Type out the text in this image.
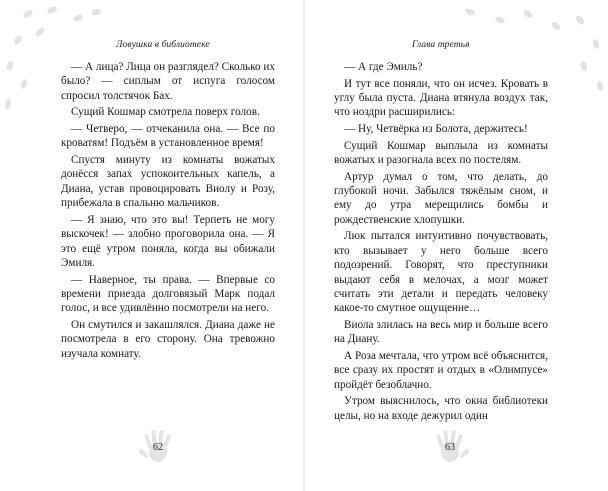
Ловушка в библиотеке

— А лица? Лица он разглядел? Сколько их было? — сиплым от испуга голосом спросил толстячок Бах.

Сущий Кошмар смотрела поверх голов.

— Четверо, — отчеканила она. — Все по кроватям! Подъём в установленное время!

Спустя минуту из комнаты вожатых донёсся запах успокоительных капель, а Диана, устав провоцировать Виолу и Розу, прибежала в спальню мальчиков.

— Я знаю, что это вы! Терпеть не могу выскочек! — злобно проговорила она. — Я это ещё утром поняла, когда вы обижали Эмиля.

— Наверное, ты права. — Впервые со времени приезда долговязый Марк подал голос, и все удивлённо посмотрели на него.

Он смутился и закашлялся. Диана даже не посмотрела в его сторону. Она тревожно изучала комнату.

62
Глава третья

— А где Эмиль?

И тут все поняли, что он исчез. Кровать в углу была пуста. Диана втянула воздух так, что ноздри расширились:

— Ну, Четвёрка из Болота, держитесь!

Сущий Кошмар выплыла из комнаты вожатых и разогнала всех по постелям.

Артур думал о том, что делать, до глубокой ночи. Забылся тяжёлым сном, и ему до утра мерещились бомбы и рождественские хлопушки.

Люк пытался интуитивно почувствовать, кто вызывает у него больше всего подозрений. Говорят, что преступники выдают себя в мелочах, а мозг может считать эти детали и передать человеку какое-то смутное ощущение…

Виола злилась на весь мир и больше всего на Диану.

А Роза мечтала, что утром всё объяснится, все сразу их простят и отдых в «Олимпусе» пройдёт безоблачно.

Утром выяснилось, что окна библиотеки целы, но на входе дежурил один

63
